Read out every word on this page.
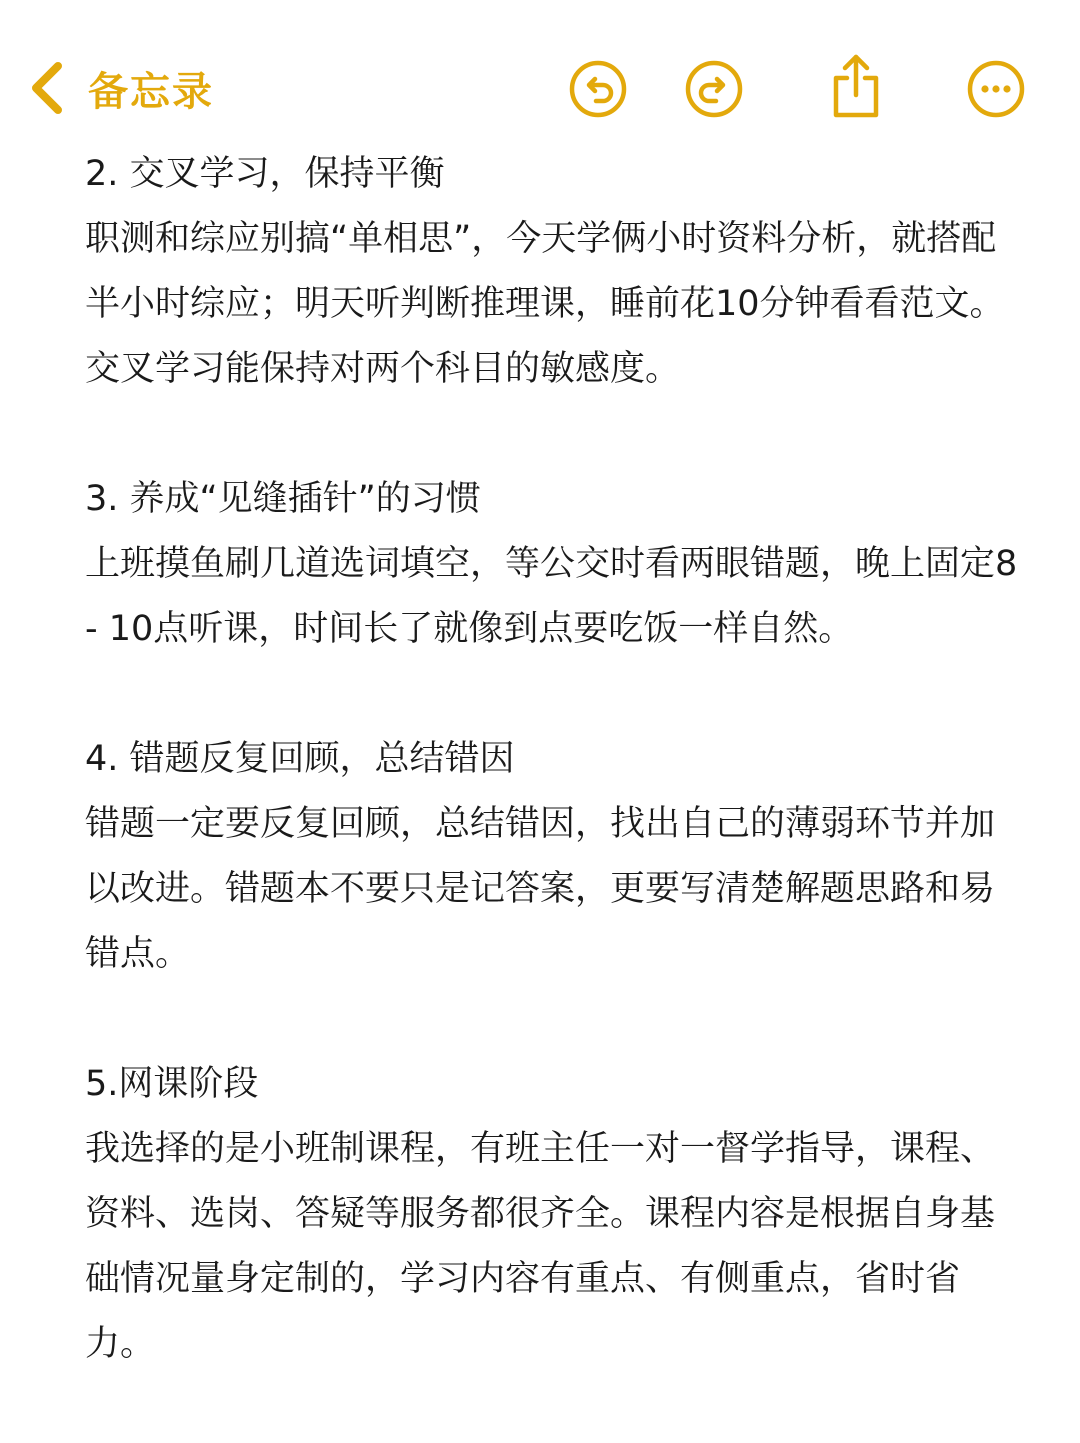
备忘录

2. 交叉学习，保持平衡

职测和综应别搞“单相思”，今天学俩小时资料分析，就搭配半小时综应；明天听判断推理课，睡前花10分钟看看范文。交叉学习能保持对两个科目的敏感度。

3. 养成“见缝插针”的习惯

上班摸鱼刷几道选词填空，等公交时看两眼错题，晚上固定8 - 10点听课，时间长了就像到点要吃饭一样自然。

4. 错题反复回顾，总结错因

错题一定要反复回顾，总结错因，找出自己的薄弱环节并加以改进。错题本不要只是记答案，更要写清楚解题思路和易错点。

5.网课阶段

我选择的是小班制课程，有班主任一对一督学指导，课程、资料、选岗、答疑等服务都很齐全。课程内容是根据自身基础情况量身定制的，学习内容有重点、有侧重点，省时省力。
